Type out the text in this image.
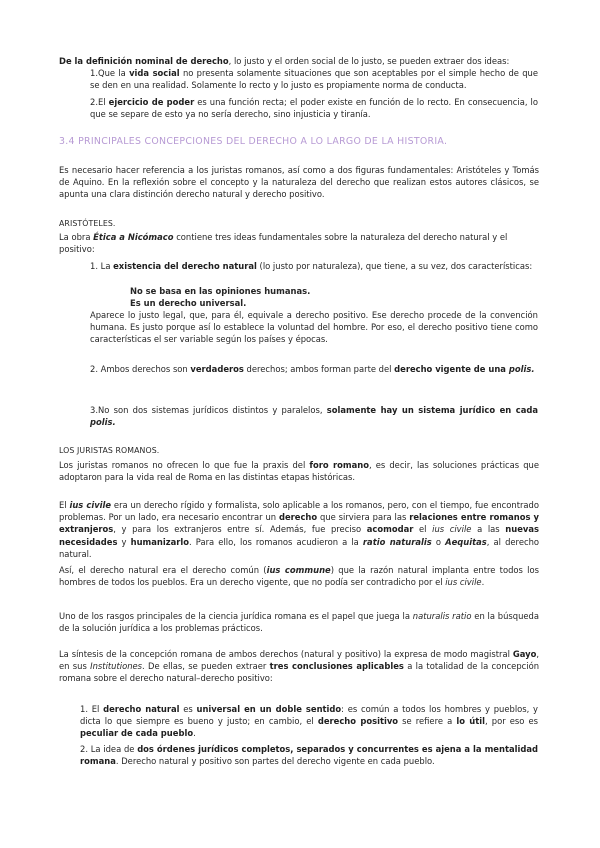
De la definición nominal de derecho, lo justo y el orden social de lo justo, se pueden extraer dos ideas:

1.Que la vida social no presenta solamente situaciones que son aceptables por el simple hecho de que se den en una realidad. Solamente lo recto y lo justo es propiamente norma de conducta.

2.El ejercicio de poder es una función recta; el poder existe en función de lo recto. En consecuencia, lo que se separe de esto ya no sería derecho, sino injusticia y tiranía.

3.4 PRINCIPALES CONCEPCIONES DEL DERECHO A LO LARGO DE LA HISTORIA.

Es necesario hacer referencia a los juristas romanos, así como a dos figuras fundamentales: Aristóteles y Tomás de Aquino. En la reflexión sobre el concepto y la naturaleza del derecho que realizan estos autores clásicos, se apunta una clara distinción derecho natural y derecho positivo.

ARISTÓTELES.

La obra Ética a Nicómaco contiene tres ideas fundamentales sobre la naturaleza del derecho natural y el positivo:

1. La existencia del derecho natural (lo justo por naturaleza), que tiene, a su vez, dos características:

No se basa en las opiniones humanas.

Es un derecho universal.

Aparece lo justo legal, que, para él, equivale a derecho positivo. Ese derecho procede de la convención humana. Es justo porque así lo establece la voluntad del hombre. Por eso, el derecho positivo tiene como características el ser variable según los países y épocas.

2. Ambos derechos son verdaderos derechos; ambos forman parte del derecho vigente de una polis.

3.No son dos sistemas jurídicos distintos y paralelos, solamente hay un sistema jurídico en cada polis.

LOS JURISTAS ROMANOS.

Los juristas romanos no ofrecen lo que fue la praxis del foro romano, es decir, las soluciones prácticas que adoptaron para la vida real de Roma en las distintas etapas históricas.

El ius civile era un derecho rígido y formalista, solo aplicable a los romanos, pero, con el tiempo, fue encontrado problemas. Por un lado, era necesario encontrar un derecho que sirviera para las relaciones entre romanos y extranjeros, y para los extranjeros entre sí. Además, fue preciso acomodar el ius civile a las nuevas necesidades y humanizarlo. Para ello, los romanos acudieron a la ratio naturalis o Aequitas, al derecho natural.

Así, el derecho natural era el derecho común (ius commune) que la razón natural implanta entre todos los hombres de todos los pueblos. Era un derecho vigente, que no podía ser contradicho por el ius civile.

Uno de los rasgos principales de la ciencia jurídica romana es el papel que juega la naturalis ratio en la búsqueda de la solución jurídica a los problemas prácticos.

La síntesis de la concepción romana de ambos derechos (natural y positivo) la expresa de modo magistral Gayo, en sus Institutiones. De ellas, se pueden extraer tres conclusiones aplicables a la totalidad de la concepción romana sobre el derecho natural–derecho positivo:

1. El derecho natural es universal en un doble sentido: es común a todos los hombres y pueblos, y dicta lo que siempre es bueno y justo; en cambio, el derecho positivo se refiere a lo útil, por eso es peculiar de cada pueblo.

2. La idea de dos órdenes jurídicos completos, separados y concurrentes es ajena a la mentalidad romana. Derecho natural y positivo son partes del derecho vigente en cada pueblo.
